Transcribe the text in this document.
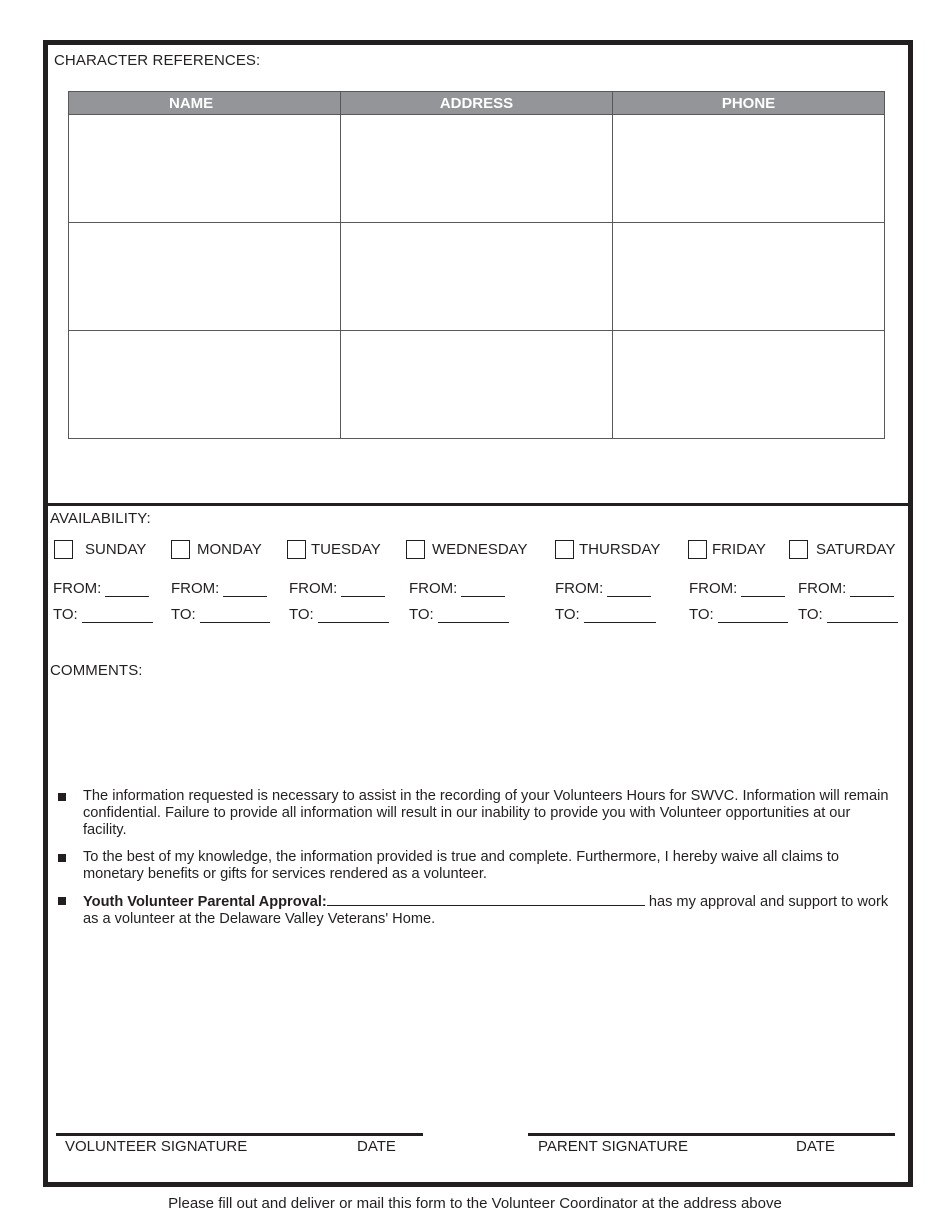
CHARACTER REFERENCES:
NAME	ADDRESS	PHONE

AVAILABILITY:
SUNDAY	MONDAY	TUESDAY	WEDNESDAY	THURSDAY	FRIDAY	SATURDAY
FROM:	FROM:	FROM:	FROM:	FROM:	FROM:	FROM:
TO:	TO:	TO:	TO:	TO:	TO:	TO:
COMMENTS:
The information requested is necessary to assist in the recording of your Volunteers Hours for SWVC. Information will remain confidential. Failure to provide all information will result in our inability to provide you with Volunteer opportunities at our facility.
To the best of my knowledge, the information provided is true and complete. Furthermore, I hereby waive all claims to monetary benefits or gifts for services rendered as a volunteer.
Youth Volunteer Parental Approval:	has my approval and support to work as a volunteer at the Delaware Valley Veterans' Home.
VOLUNTEER SIGNATURE	DATE	PARENT SIGNATURE	DATE
Please fill out and deliver or mail this form to the Volunteer Coordinator at the address above
